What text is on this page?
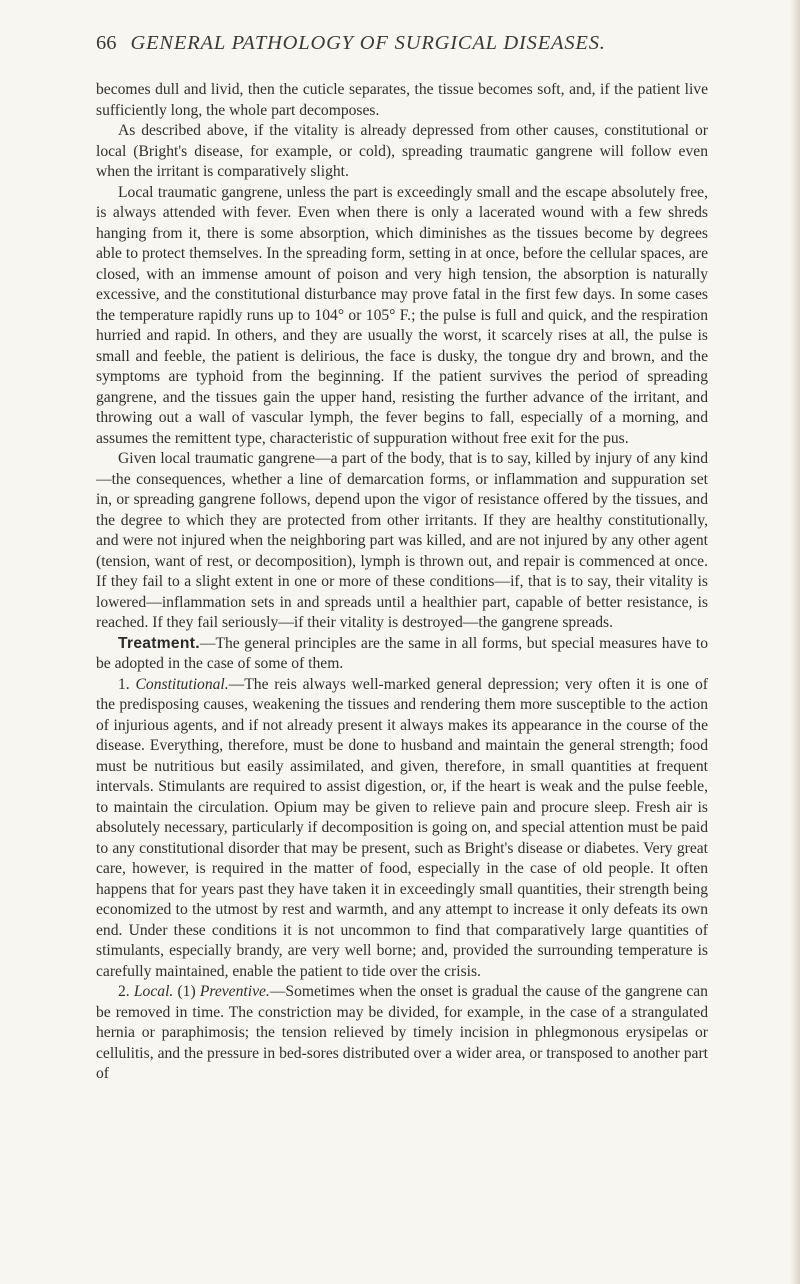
66 GENERAL PATHOLOGY OF SURGICAL DISEASES.

becomes dull and livid, then the cuticle separates, the tissue becomes soft, and, if the patient live sufficiently long, the whole part decomposes.

As described above, if the vitality is already depressed from other causes, constitutional or local (Bright's disease, for example, or cold), spreading traumatic gangrene will follow even when the irritant is comparatively slight.

Local traumatic gangrene, unless the part is exceedingly small and the escape absolutely free, is always attended with fever. Even when there is only a lacerated wound with a few shreds hanging from it, there is some absorption, which diminishes as the tissues become by degrees able to protect themselves. In the spreading form, setting in at once, before the cellular spaces, are closed, with an immense amount of poison and very high tension, the absorption is naturally excessive, and the constitutional disturbance may prove fatal in the first few days. In some cases the temperature rapidly runs up to 104° or 105° F.; the pulse is full and quick, and the respiration hurried and rapid. In others, and they are usually the worst, it scarcely rises at all, the pulse is small and feeble, the patient is delirious, the face is dusky, the tongue dry and brown, and the symptoms are typhoid from the beginning. If the patient survives the period of spreading gangrene, and the tissues gain the upper hand, resisting the further advance of the irritant, and throwing out a wall of vascular lymph, the fever begins to fall, especially of a morning, and assumes the remittent type, characteristic of suppuration without free exit for the pus.

Given local traumatic gangrene—a part of the body, that is to say, killed by injury of any kind—the consequences, whether a line of demarcation forms, or inflammation and suppuration set in, or spreading gangrene follows, depend upon the vigor of resistance offered by the tissues, and the degree to which they are protected from other irritants. If they are healthy constitutionally, and were not injured when the neighboring part was killed, and are not injured by any other agent (tension, want of rest, or decomposition), lymph is thrown out, and repair is commenced at once. If they fail to a slight extent in one or more of these conditions—if, that is to say, their vitality is lowered—inflammation sets in and spreads until a healthier part, capable of better resistance, is reached. If they fail seriously—if their vitality is destroyed—the gangrene spreads.

Treatment.—The general principles are the same in all forms, but special measures have to be adopted in the case of some of them.

1. Constitutional.—The reis always well-marked general depression; very often it is one of the predisposing causes, weakening the tissues and rendering them more susceptible to the action of injurious agents, and if not already present it always makes its appearance in the course of the disease. Everything, therefore, must be done to husband and maintain the general strength; food must be nutritious but easily assimilated, and given, therefore, in small quantities at frequent intervals. Stimulants are required to assist digestion, or, if the heart is weak and the pulse feeble, to maintain the circulation. Opium may be given to relieve pain and procure sleep. Fresh air is absolutely necessary, particularly if decomposition is going on, and special attention must be paid to any constitutional disorder that may be present, such as Bright's disease or diabetes. Very great care, however, is required in the matter of food, especially in the case of old people. It often happens that for years past they have taken it in exceedingly small quantities, their strength being economized to the utmost by rest and warmth, and any attempt to increase it only defeats its own end. Under these conditions it is not uncommon to find that comparatively large quantities of stimulants, especially brandy, are very well borne; and, provided the surrounding temperature is carefully maintained, enable the patient to tide over the crisis.

2. Local. (1) Preventive.—Sometimes when the onset is gradual the cause of the gangrene can be removed in time. The constriction may be divided, for example, in the case of a strangulated hernia or paraphimosis; the tension relieved by timely incision in phlegmonous erysipelas or cellulitis, and the pressure in bed-sores distributed over a wider area, or transposed to another part of
